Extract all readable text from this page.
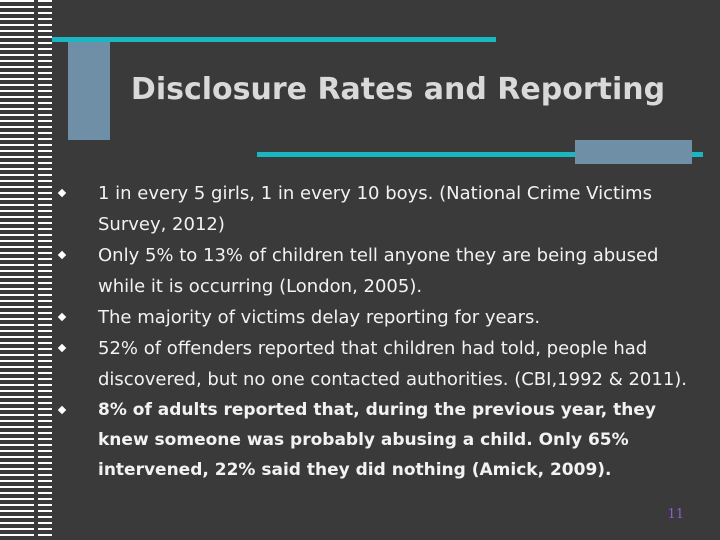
Disclosure Rates and Reporting
1 in every 5 girls, 1 in every 10 boys. (National Crime Victims Survey, 2012)
Only 5% to 13% of children tell anyone they are being abused while it is occurring (London, 2005).
The majority of victims delay reporting for years.
52% of offenders reported that children had told, people had discovered, but no one contacted authorities. (CBI,1992 & 2011).
8% of adults reported that, during the previous year, they knew someone was probably abusing a child. Only 65% intervened, 22% said they did nothing (Amick, 2009).
11
